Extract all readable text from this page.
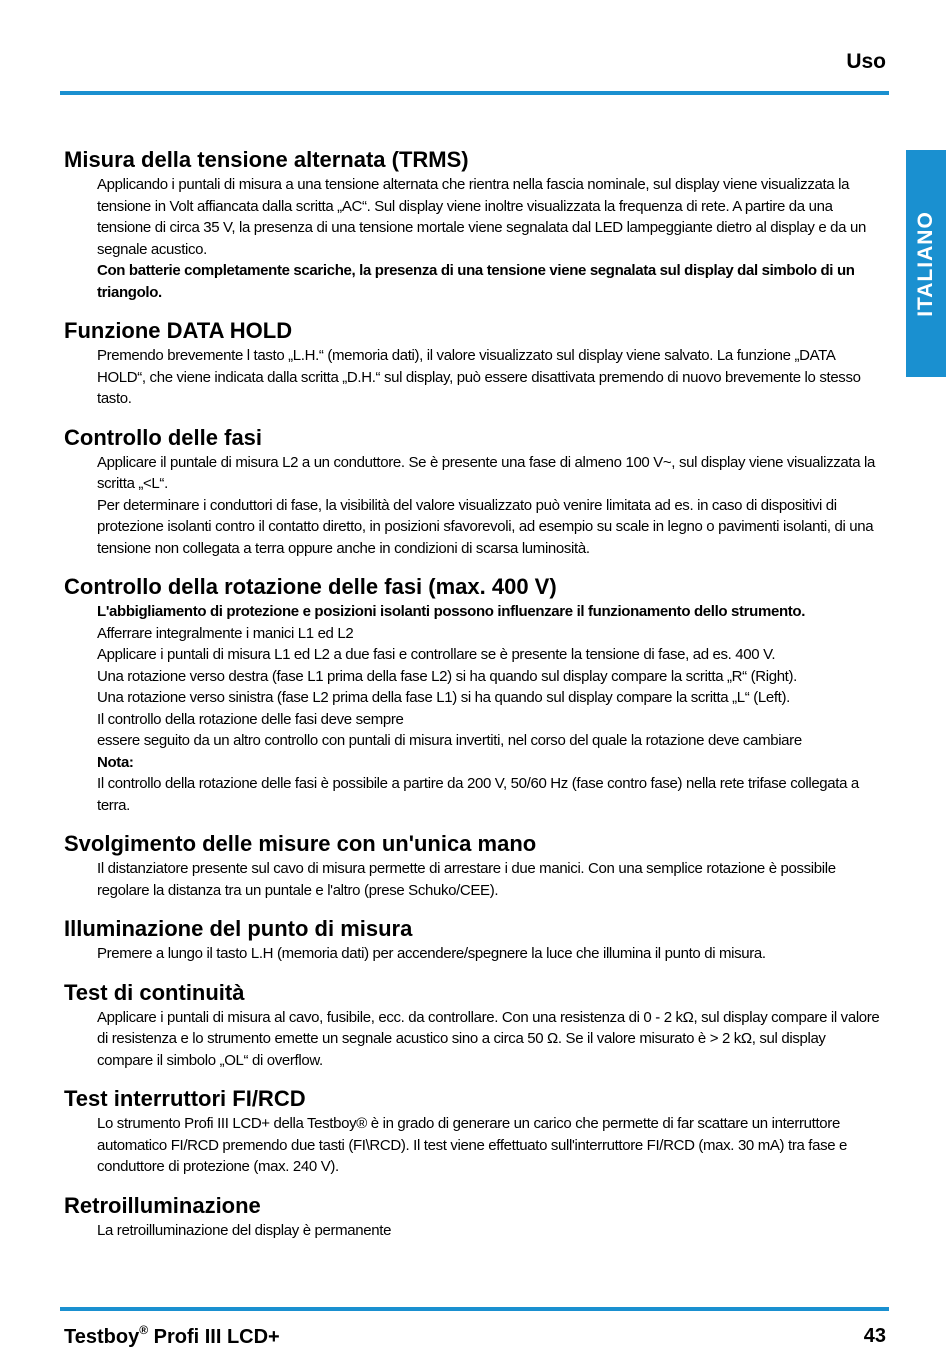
Uso
ITALIANO
Misura della tensione alternata (TRMS)
Applicando i puntali di misura a una tensione alternata che rientra nella fascia nominale, sul display viene visualizzata la tensione in Volt affiancata dalla scritta „AC“. Sul display viene inoltre visualizzata la frequenza di rete. A partire da una tensione di circa 35 V, la presenza di una tensione mortale viene segnalata dal LED lampeggiante dietro al display e da un segnale acustico.
Con batterie completamente scariche, la presenza di una tensione viene segnalata sul display dal simbolo di un triangolo.
Funzione DATA HOLD
Premendo brevemente l tasto „L.H.“ (memoria dati), il valore visualizzato sul display viene salvato. La funzione „DATA HOLD“, che viene indicata dalla scritta „D.H.“ sul display, può essere disattivata premendo di nuovo brevemente lo stesso tasto.
Controllo delle fasi
Applicare il puntale di misura L2 a un conduttore. Se è presente una fase di almeno 100 V~, sul display viene visualizzata la scritta „<L“.
Per determinare i conduttori di fase, la visibilità del valore visualizzato può venire limitata ad es. in caso di dispositivi di protezione isolanti contro il contatto diretto, in posizioni sfavorevoli, ad esempio su scale in legno o pavimenti isolanti, di una tensione non collegata a terra oppure anche in condizioni di scarsa luminosità.
Controllo della rotazione delle fasi (max. 400 V)
L'abbigliamento di protezione e posizioni isolanti possono influenzare il funzionamento dello strumento.
Afferrare integralmente i manici L1 ed L2
Applicare i puntali di misura L1 ed L2 a due fasi e controllare se è presente la tensione di fase, ad es. 400 V.
Una rotazione verso destra (fase L1 prima della fase L2) si ha quando sul display compare la scritta „R“ (Right).
Una rotazione verso sinistra (fase L2 prima della fase L1) si ha quando sul display compare la scritta „L“ (Left).
Il controllo della rotazione delle fasi deve sempre
essere seguito da un altro controllo con puntali di misura invertiti, nel corso del quale la rotazione deve cambiare
Nota:
Il controllo della rotazione delle fasi è possibile a partire da 200 V, 50/60 Hz (fase contro fase) nella rete trifase collegata a terra.
Svolgimento delle misure con un'unica mano
Il distanziatore presente sul cavo di misura permette di arrestare i due manici. Con una semplice rotazione è possibile regolare la distanza tra un puntale e l'altro (prese Schuko/CEE).
Illuminazione del punto di misura
Premere a lungo il tasto L.H (memoria dati) per accendere/spegnere la luce che illumina il punto di misura.
Test di continuità
Applicare i puntali di misura al cavo, fusibile, ecc. da controllare. Con una resistenza di 0 - 2 kΩ, sul display compare il valore di resistenza e lo strumento emette un segnale acustico sino a circa 50 Ω. Se il valore misurato è > 2 kΩ, sul display compare il simbolo „OL“ di overflow.
Test interruttori FI/RCD
Lo strumento Profi III LCD+ della Testboy® è in grado di generare un carico che permette di far scattare un interruttore automatico FI/RCD premendo due tasti (FI\RCD). Il test viene effettuato sull'interruttore FI/RCD (max. 30 mA) tra fase e conduttore di protezione (max. 240 V).
Retroilluminazione
La retroilluminazione del display è permanente
Testboy® Profi III LCD+	43
